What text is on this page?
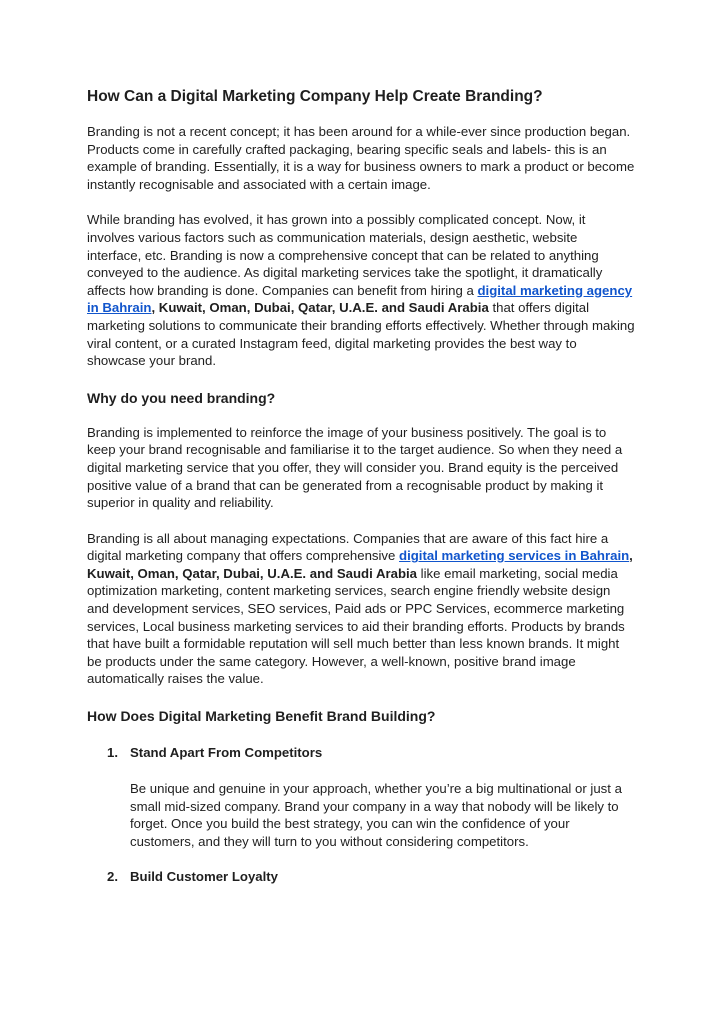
How Can a Digital Marketing Company Help Create Branding?

Branding is not a recent concept; it has been around for a while-ever since production began. Products come in carefully crafted packaging, bearing specific seals and labels- this is an example of branding. Essentially, it is a way for business owners to mark a product or become instantly recognisable and associated with a certain image.

While branding has evolved, it has grown into a possibly complicated concept. Now, it involves various factors such as communication materials, design aesthetic, website interface, etc. Branding is now a comprehensive concept that can be related to anything conveyed to the audience. As digital marketing services take the spotlight, it dramatically affects how branding is done. Companies can benefit from hiring a digital marketing agency in Bahrain, Kuwait, Oman, Dubai, Qatar, U.A.E. and Saudi Arabia that offers digital marketing solutions to communicate their branding efforts effectively. Whether through making viral content, or a curated Instagram feed, digital marketing provides the best way to showcase your brand.

Why do you need branding?

Branding is implemented to reinforce the image of your business positively. The goal is to keep your brand recognisable and familiarise it to the target audience. So when they need a digital marketing service that you offer, they will consider you. Brand equity is the perceived positive value of a brand that can be generated from a recognisable product by making it superior in quality and reliability.

Branding is all about managing expectations. Companies that are aware of this fact hire a digital marketing company that offers comprehensive digital marketing services in Bahrain, Kuwait, Oman, Qatar, Dubai, U.A.E. and Saudi Arabia like email marketing, social media optimization marketing, content marketing services, search engine friendly website design and development services, SEO services, Paid ads or PPC Services, ecommerce marketing services, Local business marketing services to aid their branding efforts. Products by brands that have built a formidable reputation will sell much better than less known brands. It might be products under the same category. However, a well-known, positive brand image automatically raises the value.

How Does Digital Marketing Benefit Brand Building?
1. Stand Apart From Competitors
Be unique and genuine in your approach, whether you’re a big multinational or just a small mid-sized company. Brand your company in a way that nobody will be likely to forget. Once you build the best strategy, you can win the confidence of your customers, and they will turn to you without considering competitors.
2. Build Customer Loyalty
